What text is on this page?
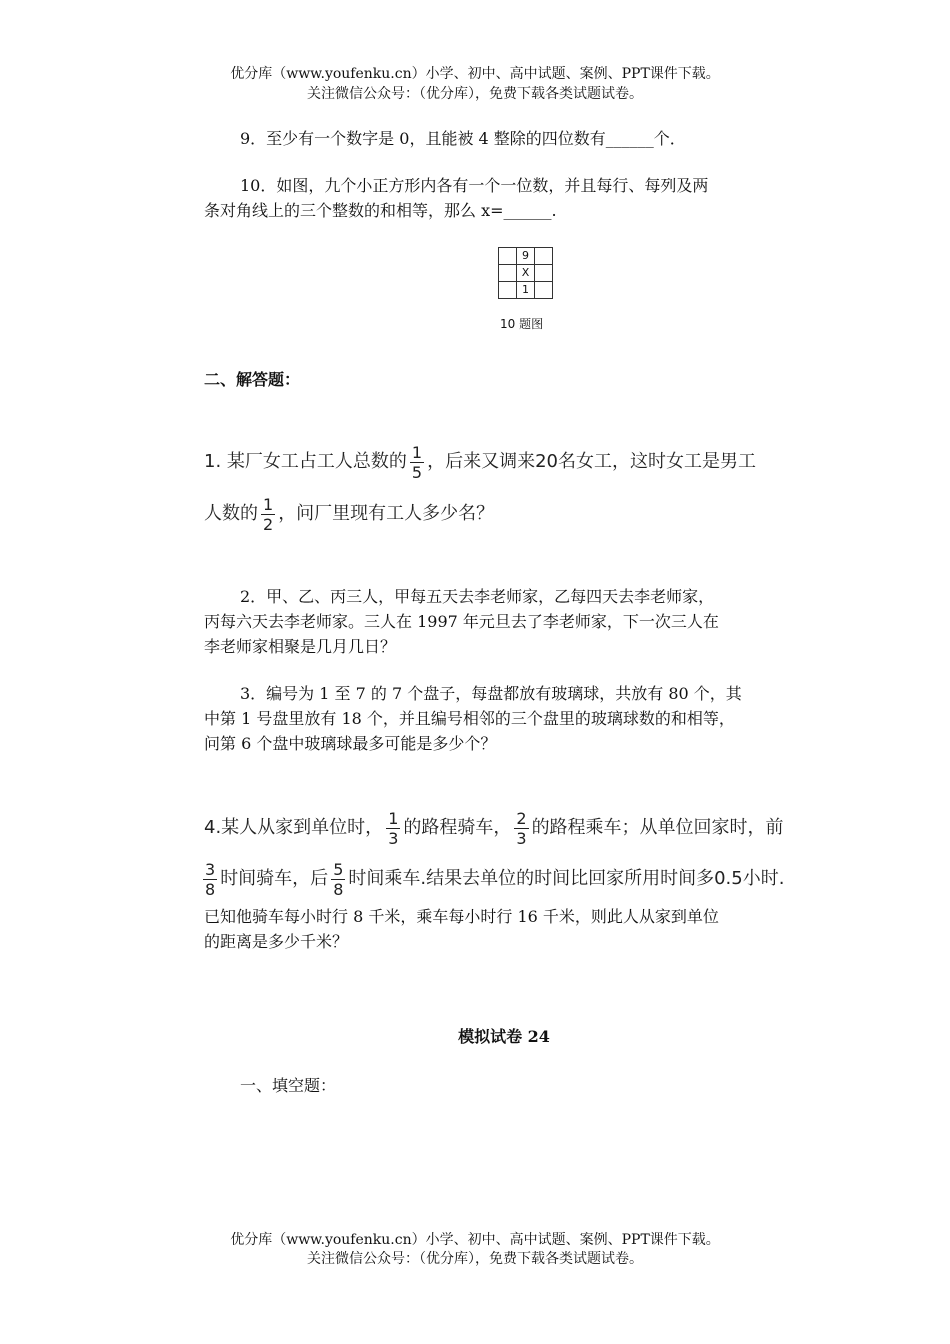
优分库（www.youfenku.cn）小学、初中、高中试题、案例、PPT课件下载。
关注微信公众号：（优分库），免费下载各类试题试卷。
9．至少有一个数字是 0，且能被 4 整除的四位数有______个．
10．如图，九个小正方形内各有一个一位数，并且每行、每列及两
条对角线上的三个整数的和相等，那么 x=______.
	9	
	X	
	1	
10 题图
二、解答题：
1. 某厂女工占工人总数的 $\frac{1}{5}$ ，后来又调来20名女工，这时女工是男工
人数的 $\frac{1}{2}$ ，问厂里现有工人多少名？
2．甲、乙、丙三人，甲每五天去李老师家，乙每四天去李老师家，
丙每六天去李老师家。三人在 1997 年元旦去了李老师家，下一次三人在
李老师家相聚是几月几日？
3．编号为 1 至 7 的 7 个盘子，每盘都放有玻璃球，共放有 80 个，其
中第 1 号盘里放有 18 个，并且编号相邻的三个盘里的玻璃球数的和相等，
问第 6 个盘中玻璃球最多可能是多少个？
4.某人从家到单位时， $\frac{1}{3}$ 的路程骑车， $\frac{2}{3}$ 的路程乘车；从单位回家时，前
$\frac{3}{8}$ 时间骑车，后 $\frac{5}{8}$ 时间乘车.结果去单位的时间比回家所用时间多0.5小时.
已知他骑车每小时行 8 千米，乘车每小时行 16 千米，则此人从家到单位
的距离是多少千米？
模拟试卷 24
一、填空题：
优分库（www.youfenku.cn）小学、初中、高中试题、案例、PPT课件下载。
关注微信公众号：（优分库），免费下载各类试题试卷。
